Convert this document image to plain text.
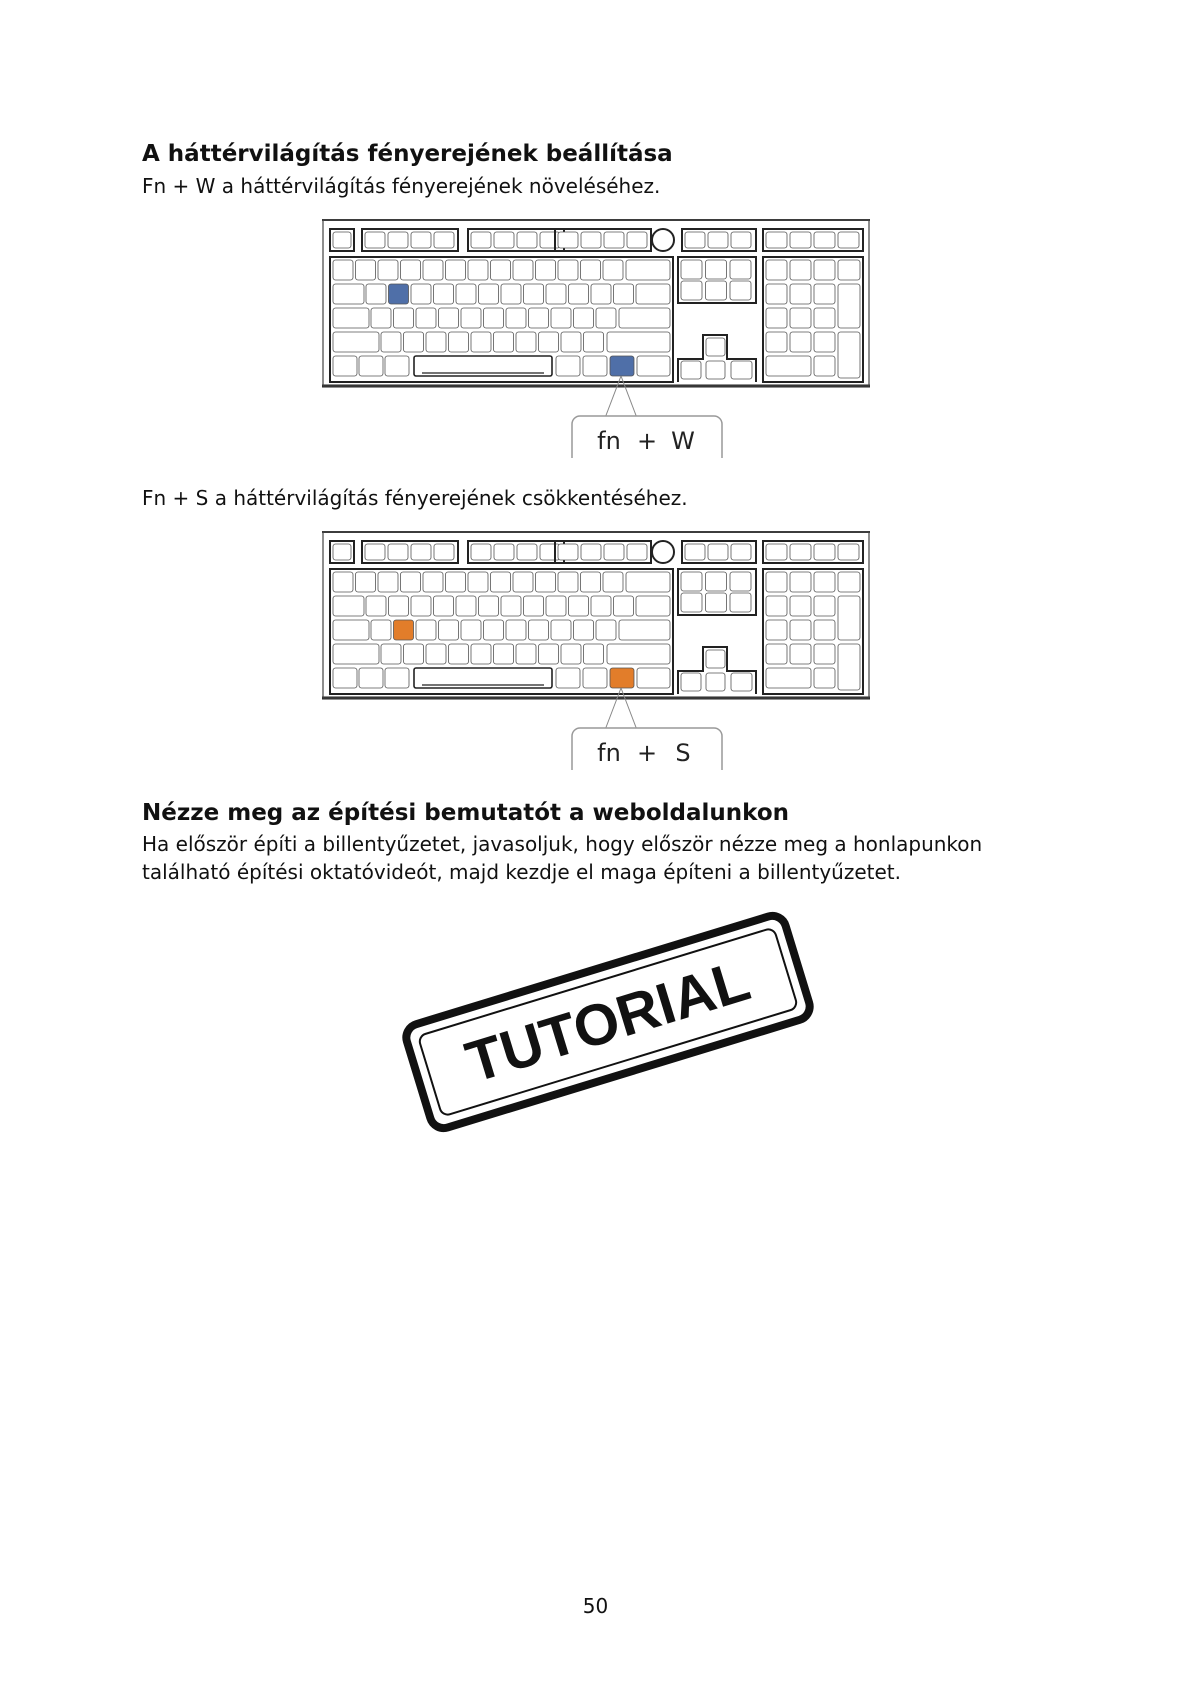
A háttérvilágítás fényerejének beállítása

Fn + W a háttérvilágítás fényerejének növeléséhez.

fn + W

Fn + S a háttérvilágítás fényerejének csökkentéséhez.

fn + S
Nézze meg az építési bemutatót a weboldalunkon

Ha először építi a billentyűzetet, javasoljuk, hogy először nézze meg a honlapunkon

található építési oktatóvideót, majd kezdje el maga építeni a billentyűzetet.

TUTORIAL
50
